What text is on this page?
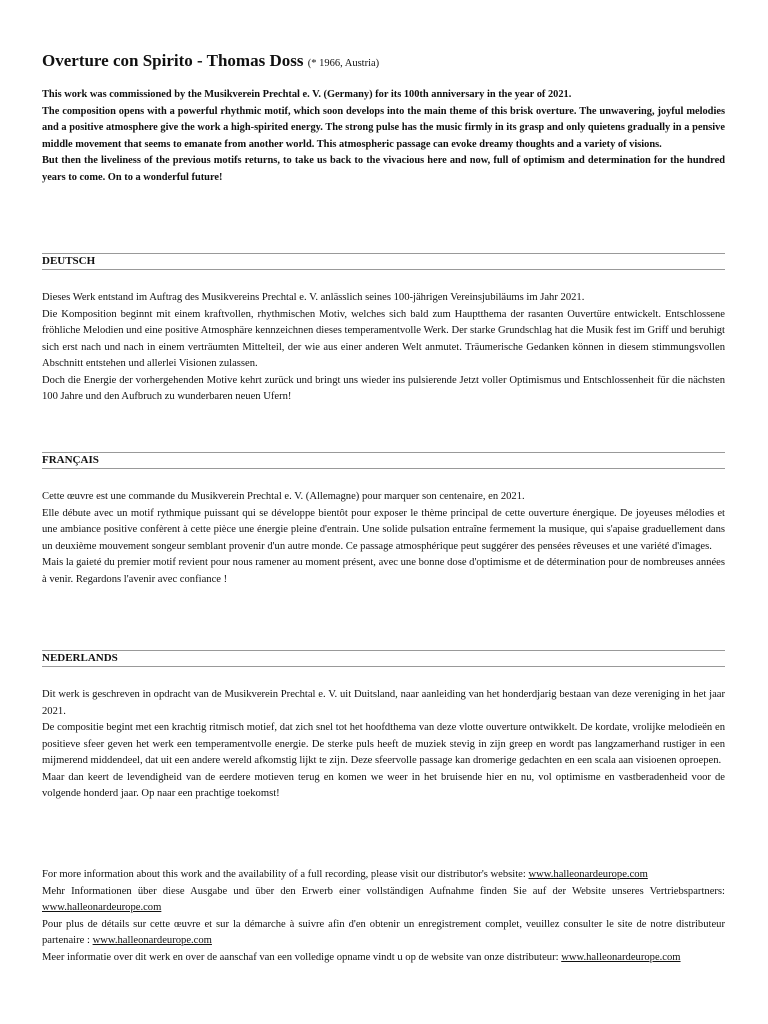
Overture con Spirito - Thomas Doss (* 1966, Austria)

This work was commissioned by the Musikverein Prechtal e. V. (Germany) for its 100th anniversary in the year of 2021.

The composition opens with a powerful rhythmic motif, which soon develops into the main theme of this brisk overture. The unwavering, joyful melodies and a positive atmosphere give the work a high-spirited energy. The strong pulse has the music firmly in its grasp and only quietens gradually in a pensive middle movement that seems to emanate from another world. This atmospheric passage can evoke dreamy thoughts and a variety of visions.

But then the liveliness of the previous motifs returns, to take us back to the vivacious here and now, full of optimism and determination for the hundred years to come. On to a wonderful future!

DEUTSCH

Dieses Werk entstand im Auftrag des Musikvereins Prechtal e. V. anlässlich seines 100-jährigen Vereinsjubiläums im Jahr 2021.

Die Komposition beginnt mit einem kraftvollen, rhythmischen Motiv, welches sich bald zum Hauptthema der rasanten Ouvertüre entwickelt. Entschlossene fröhliche Melodien und eine positive Atmosphäre kennzeichnen dieses temperamentvolle Werk. Der starke Grundschlag hat die Musik fest im Griff und beruhigt sich erst nach und nach in einem verträumten Mittelteil, der wie aus einer anderen Welt anmutet. Träumerische Gedanken können in diesem stimmungsvollen Abschnitt entstehen und allerlei Visionen zulassen.

Doch die Energie der vorhergehenden Motive kehrt zurück und bringt uns wieder ins pulsierende Jetzt voller Optimismus und Entschlossenheit für die nächsten 100 Jahre und den Aufbruch zu wunderbaren neuen Ufern!

FRANÇAIS

Cette œuvre est une commande du Musikverein Prechtal e. V. (Allemagne) pour marquer son centenaire, en 2021.

Elle débute avec un motif rythmique puissant qui se développe bientôt pour exposer le thème principal de cette ouverture énergique. De joyeuses mélodies et une ambiance positive confèrent à cette pièce une énergie pleine d'entrain. Une solide pulsation entraîne fermement la musique, qui s'apaise graduellement dans un deuxième mouvement songeur semblant provenir d'un autre monde. Ce passage atmosphérique peut suggérer des pensées rêveuses et une variété d'images.

Mais la gaieté du premier motif revient pour nous ramener au moment présent, avec une bonne dose d'optimisme et de détermination pour de nombreuses années à venir. Regardons l'avenir avec confiance !

NEDERLANDS

Dit werk is geschreven in opdracht van de Musikverein Prechtal e. V. uit Duitsland, naar aanleiding van het honderdjarig bestaan van deze vereniging in het jaar 2021.

De compositie begint met een krachtig ritmisch motief, dat zich snel tot het hoofdthema van deze vlotte ouverture ontwikkelt. De kordate, vrolijke melodieën en positieve sfeer geven het werk een temperamentvolle energie. De sterke puls heeft de muziek stevig in zijn greep en wordt pas langzamerhand rustiger in een mijmerend middendeel, dat uit een andere wereld afkomstig lijkt te zijn. Deze sfeervolle passage kan dromerige gedachten en een scala aan visioenen oproepen.

Maar dan keert de levendigheid van de eerdere motieven terug en komen we weer in het bruisende hier en nu, vol optimisme en vastberadenheid voor de volgende honderd jaar. Op naar een prachtige toekomst!

For more information about this work and the availability of a full recording, please visit our distributor's website: www.halleonardeurope.com

Mehr Informationen über diese Ausgabe und über den Erwerb einer vollständigen Aufnahme finden Sie auf der Website unseres Vertriebspartners: www.halleonardeurope.com

Pour plus de détails sur cette œuvre et sur la démarche à suivre afin d'en obtenir un enregistrement complet, veuillez consulter le site de notre distributeur partenaire : www.halleonardeurope.com

Meer informatie over dit werk en over de aanschaf van een volledige opname vindt u op de website van onze distributeur: www.halleonardeurope.com
